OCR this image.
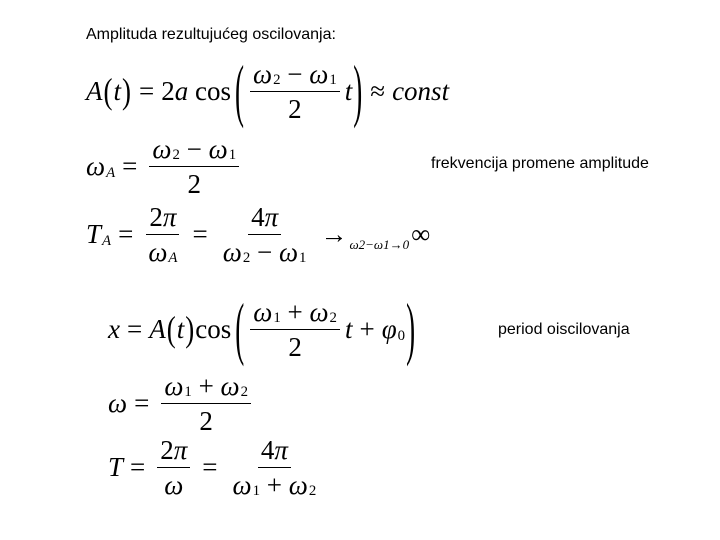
Amplituda rezultujućeg oscilovanja:
A ( t ) = 2 a
cos ( $\frac{\omega 2 - \omega 1}{2}$ t ) ≈ const
ω $A = \frac{\omega 2 - \omega 1}{2}$	frekvencija promene amplitude
T $A = \frac{2 \pi}{\text{ω A}} = \frac{4 \pi}{\omega 2 - \omega 1} \to \omega 2-\omega 1\to 0$ ∞
x = A ( t ) cos ( $\frac{\omega 1 + \omega 2}{2}$ t + φ 0 )	period oiscilovanja
$\omega = \frac{\omega 1 + \omega 2}{2}$
$T = \frac{2 \pi}{\omega} = \frac{4 \pi}{\omega 1 + \omega 2}$
